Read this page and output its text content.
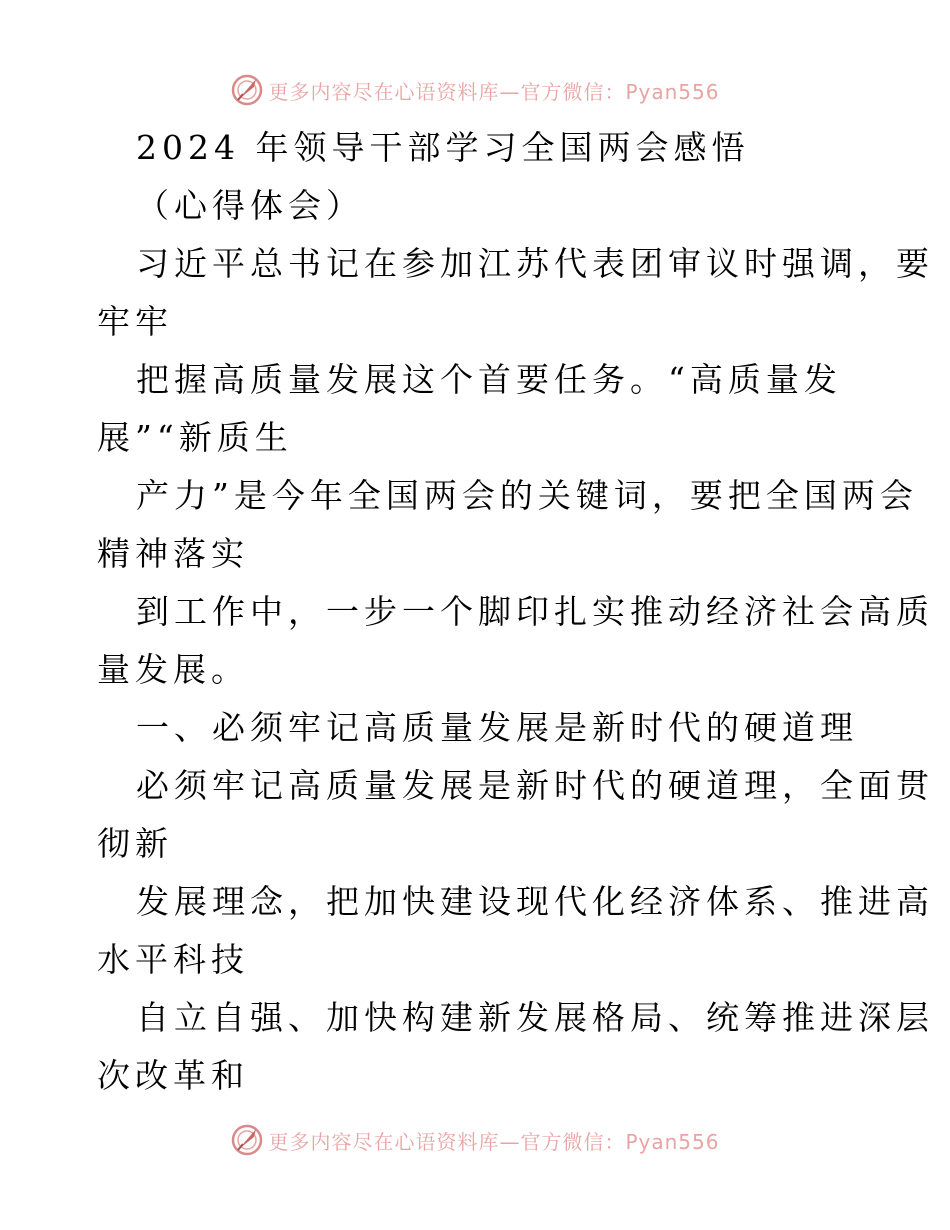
更多内容尽在心语资料库—官方微信：Pyan556
2024 年领导干部学习全国两会感悟
（心得体会）
习近平总书记在参加江苏代表团审议时强调，要
牢牢
把握高质量发展这个首要任务。“高质量发
展”“新质生
产力”是今年全国两会的关键词，要把全国两会
精神落实
到工作中，一步一个脚印扎实推动经济社会高质
量发展。
一、必须牢记高质量发展是新时代的硬道理
必须牢记高质量发展是新时代的硬道理，全面贯
彻新
发展理念，把加快建设现代化经济体系、推进高
水平科技
自立自强、加快构建新发展格局、统筹推进深层
次改革和
更多内容尽在心语资料库—官方微信：Pyan556
